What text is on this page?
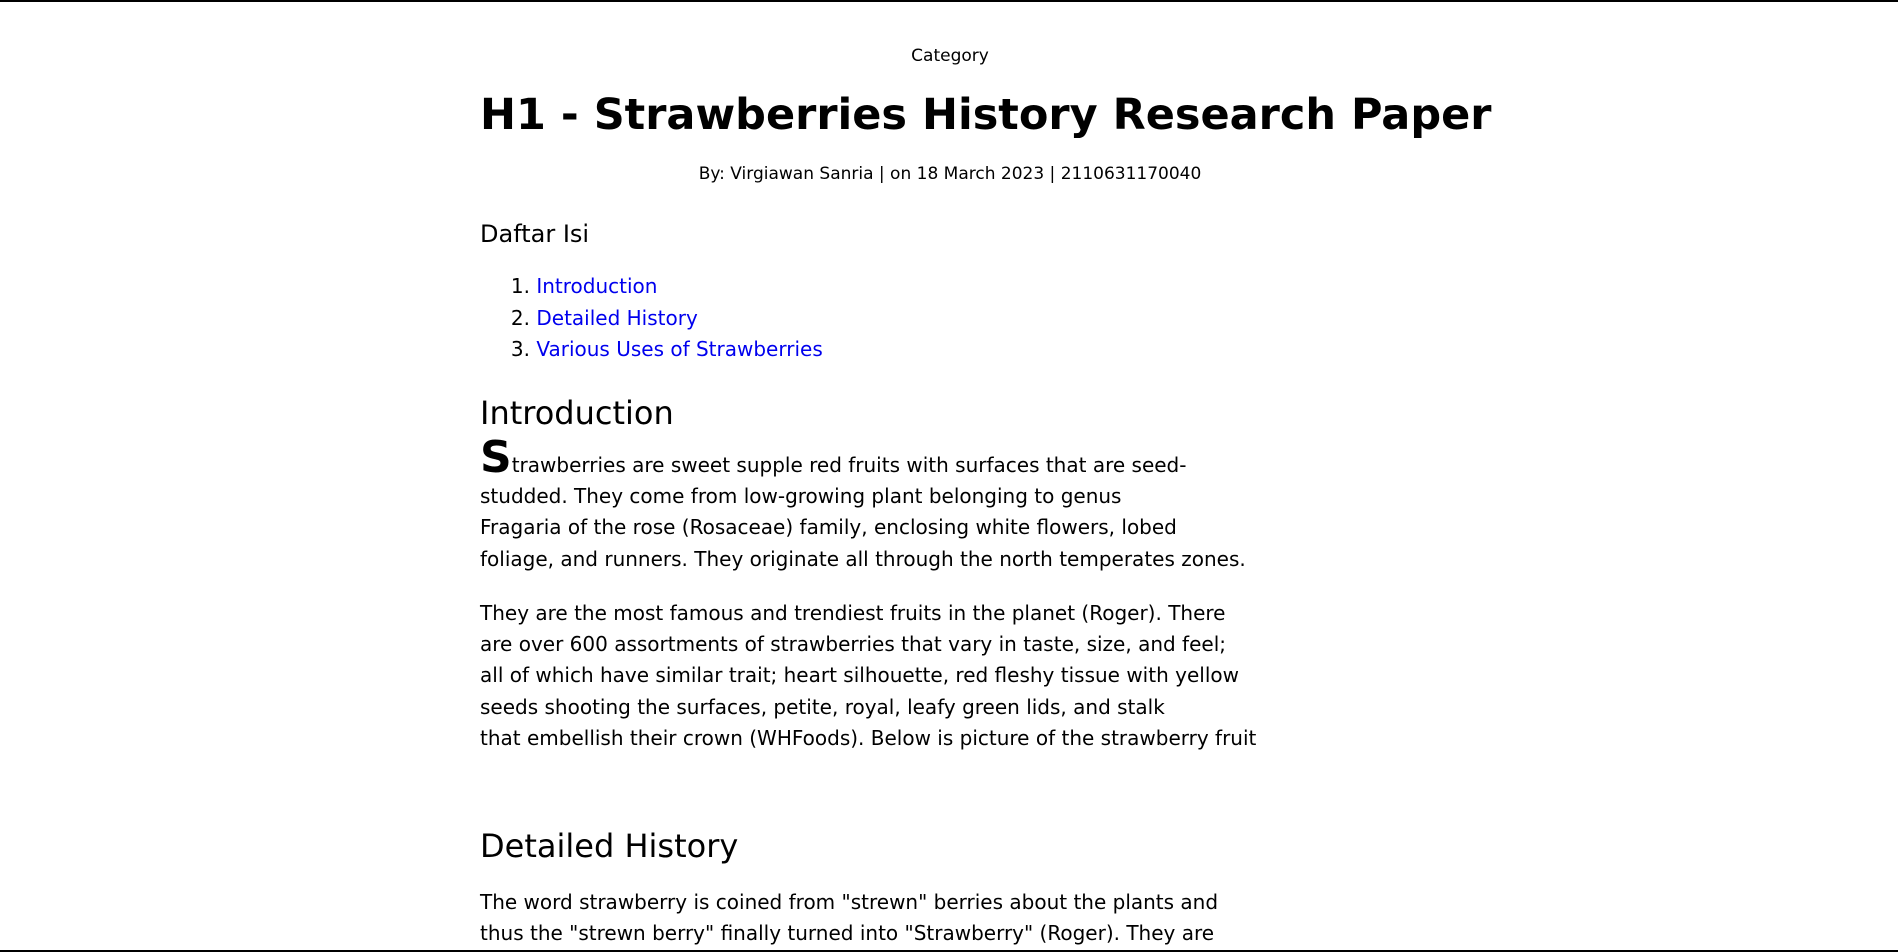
Category
H1 - Strawberries History Research Paper
By: Virgiawan Sanria | on 18 March 2023 | 2110631170040
Daftar Isi
1. Introduction
2. Detailed History
3. Various Uses of Strawberries
Introduction

Strawberries are sweet supple red fruits with surfaces that are seed-
studded. They come from low-growing plant belonging to genus
Fragaria of the rose (Rosaceae) family, enclosing white flowers, lobed
foliage, and runners. They originate all through the north temperates zones.

They are the most famous and trendiest fruits in the planet (Roger). There
are over 600 assortments of strawberries that vary in taste, size, and feel;
all of which have similar trait; heart silhouette, red fleshy tissue with yellow
seeds shooting the surfaces, petite, royal, leafy green lids, and stalk
that embellish their crown (WHFoods). Below is picture of the strawberry fruit

Detailed History

The word strawberry is coined from "strewn" berries about the plants and
thus the "strewn berry" finally turned into "Strawberry" (Roger). They are
